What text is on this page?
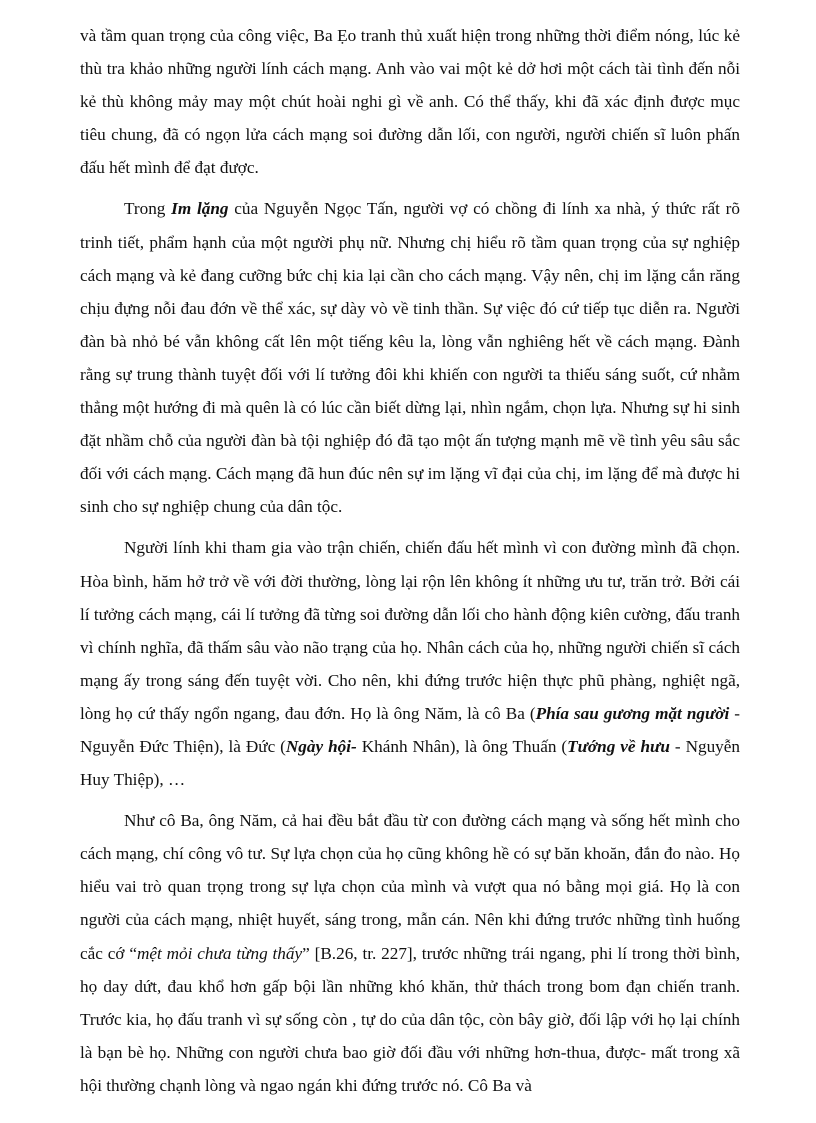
và tầm quan trọng của công việc, Ba Ẹo tranh thủ xuất hiện trong những thời điểm nóng, lúc kẻ thù tra khảo những người lính cách mạng. Anh vào vai một kẻ dở hơi một cách tài tình đến nỗi kẻ thù không mảy may một chút hoài nghi gì về anh. Có thể thấy, khi đã xác định được mục tiêu chung, đã có ngọn lửa cách mạng soi đường dẫn lối, con người, người chiến sĩ luôn phấn đấu hết mình để đạt được.

Trong Im lặng của Nguyễn Ngọc Tấn, người vợ có chồng đi lính xa nhà, ý thức rất rõ trinh tiết, phẩm hạnh của một người phụ nữ. Nhưng chị hiểu rõ tầm quan trọng của sự nghiệp cách mạng và kẻ đang cưỡng bức chị kia lại cần cho cách mạng. Vậy nên, chị im lặng cắn răng chịu đựng nỗi đau đớn về thể xác, sự dày vò về tinh thần. Sự việc đó cứ tiếp tục diễn ra. Người đàn bà nhỏ bé vẫn không cất lên một tiếng kêu la, lòng vẫn nghiêng hết về cách mạng. Đành rằng sự trung thành tuyệt đối với lí tưởng đôi khi khiến con người ta thiếu sáng suốt, cứ nhằm thẳng một hướng đi mà quên là có lúc cần biết dừng lại, nhìn ngắm, chọn lựa. Nhưng sự hi sinh đặt nhầm chỗ của người đàn bà tội nghiệp đó đã tạo một ấn tượng mạnh mẽ về tình yêu sâu sắc đối với cách mạng. Cách mạng đã hun đúc nên sự im lặng vĩ đại của chị, im lặng để mà được hi sinh cho sự nghiệp chung của dân tộc.

Người lính khi tham gia vào trận chiến, chiến đấu hết mình vì con đường mình đã chọn. Hòa bình, hăm hở trở về với đời thường, lòng lại rộn lên không ít những ưu tư, trăn trở. Bởi cái lí tưởng cách mạng, cái lí tưởng đã từng soi đường dẫn lối cho hành động kiên cường, đấu tranh vì chính nghĩa, đã thấm sâu vào não trạng của họ. Nhân cách của họ, những người chiến sĩ cách mạng ấy trong sáng đến tuyệt vời. Cho nên, khi đứng trước hiện thực phũ phàng, nghiệt ngã, lòng họ cứ thấy ngổn ngang, đau đớn. Họ là ông Năm, là cô Ba (Phía sau gương mặt người - Nguyễn Đức Thiện), là Đức (Ngày hội- Khánh Nhân), là ông Thuấn (Tướng về hưu - Nguyễn Huy Thiệp), …

Như cô Ba, ông Năm, cả hai đều bắt đầu từ con đường cách mạng và sống hết mình cho cách mạng, chí công vô tư. Sự lựa chọn của họ cũng không hề có sự băn khoăn, đắn đo nào. Họ hiểu vai trò quan trọng trong sự lựa chọn của mình và vượt qua nó bằng mọi giá. Họ là con người của cách mạng, nhiệt huyết, sáng trong, mẫn cán. Nên khi đứng trước những tình huống cắc cớ “mệt mỏi chưa từng thấy” [B.26, tr. 227], trước những trái ngang, phi lí trong thời bình, họ day dứt, đau khổ hơn gấp bội lần những khó khăn, thử thách trong bom đạn chiến tranh. Trước kia, họ đấu tranh vì sự sống còn , tự do của dân tộc, còn bây giờ, đối lập với họ lại chính là bạn bè họ. Những con người chưa bao giờ đối đầu với những hơn-thua, được- mất trong xã hội thường chạnh lòng và ngao ngán khi đứng trước nó. Cô Ba và
